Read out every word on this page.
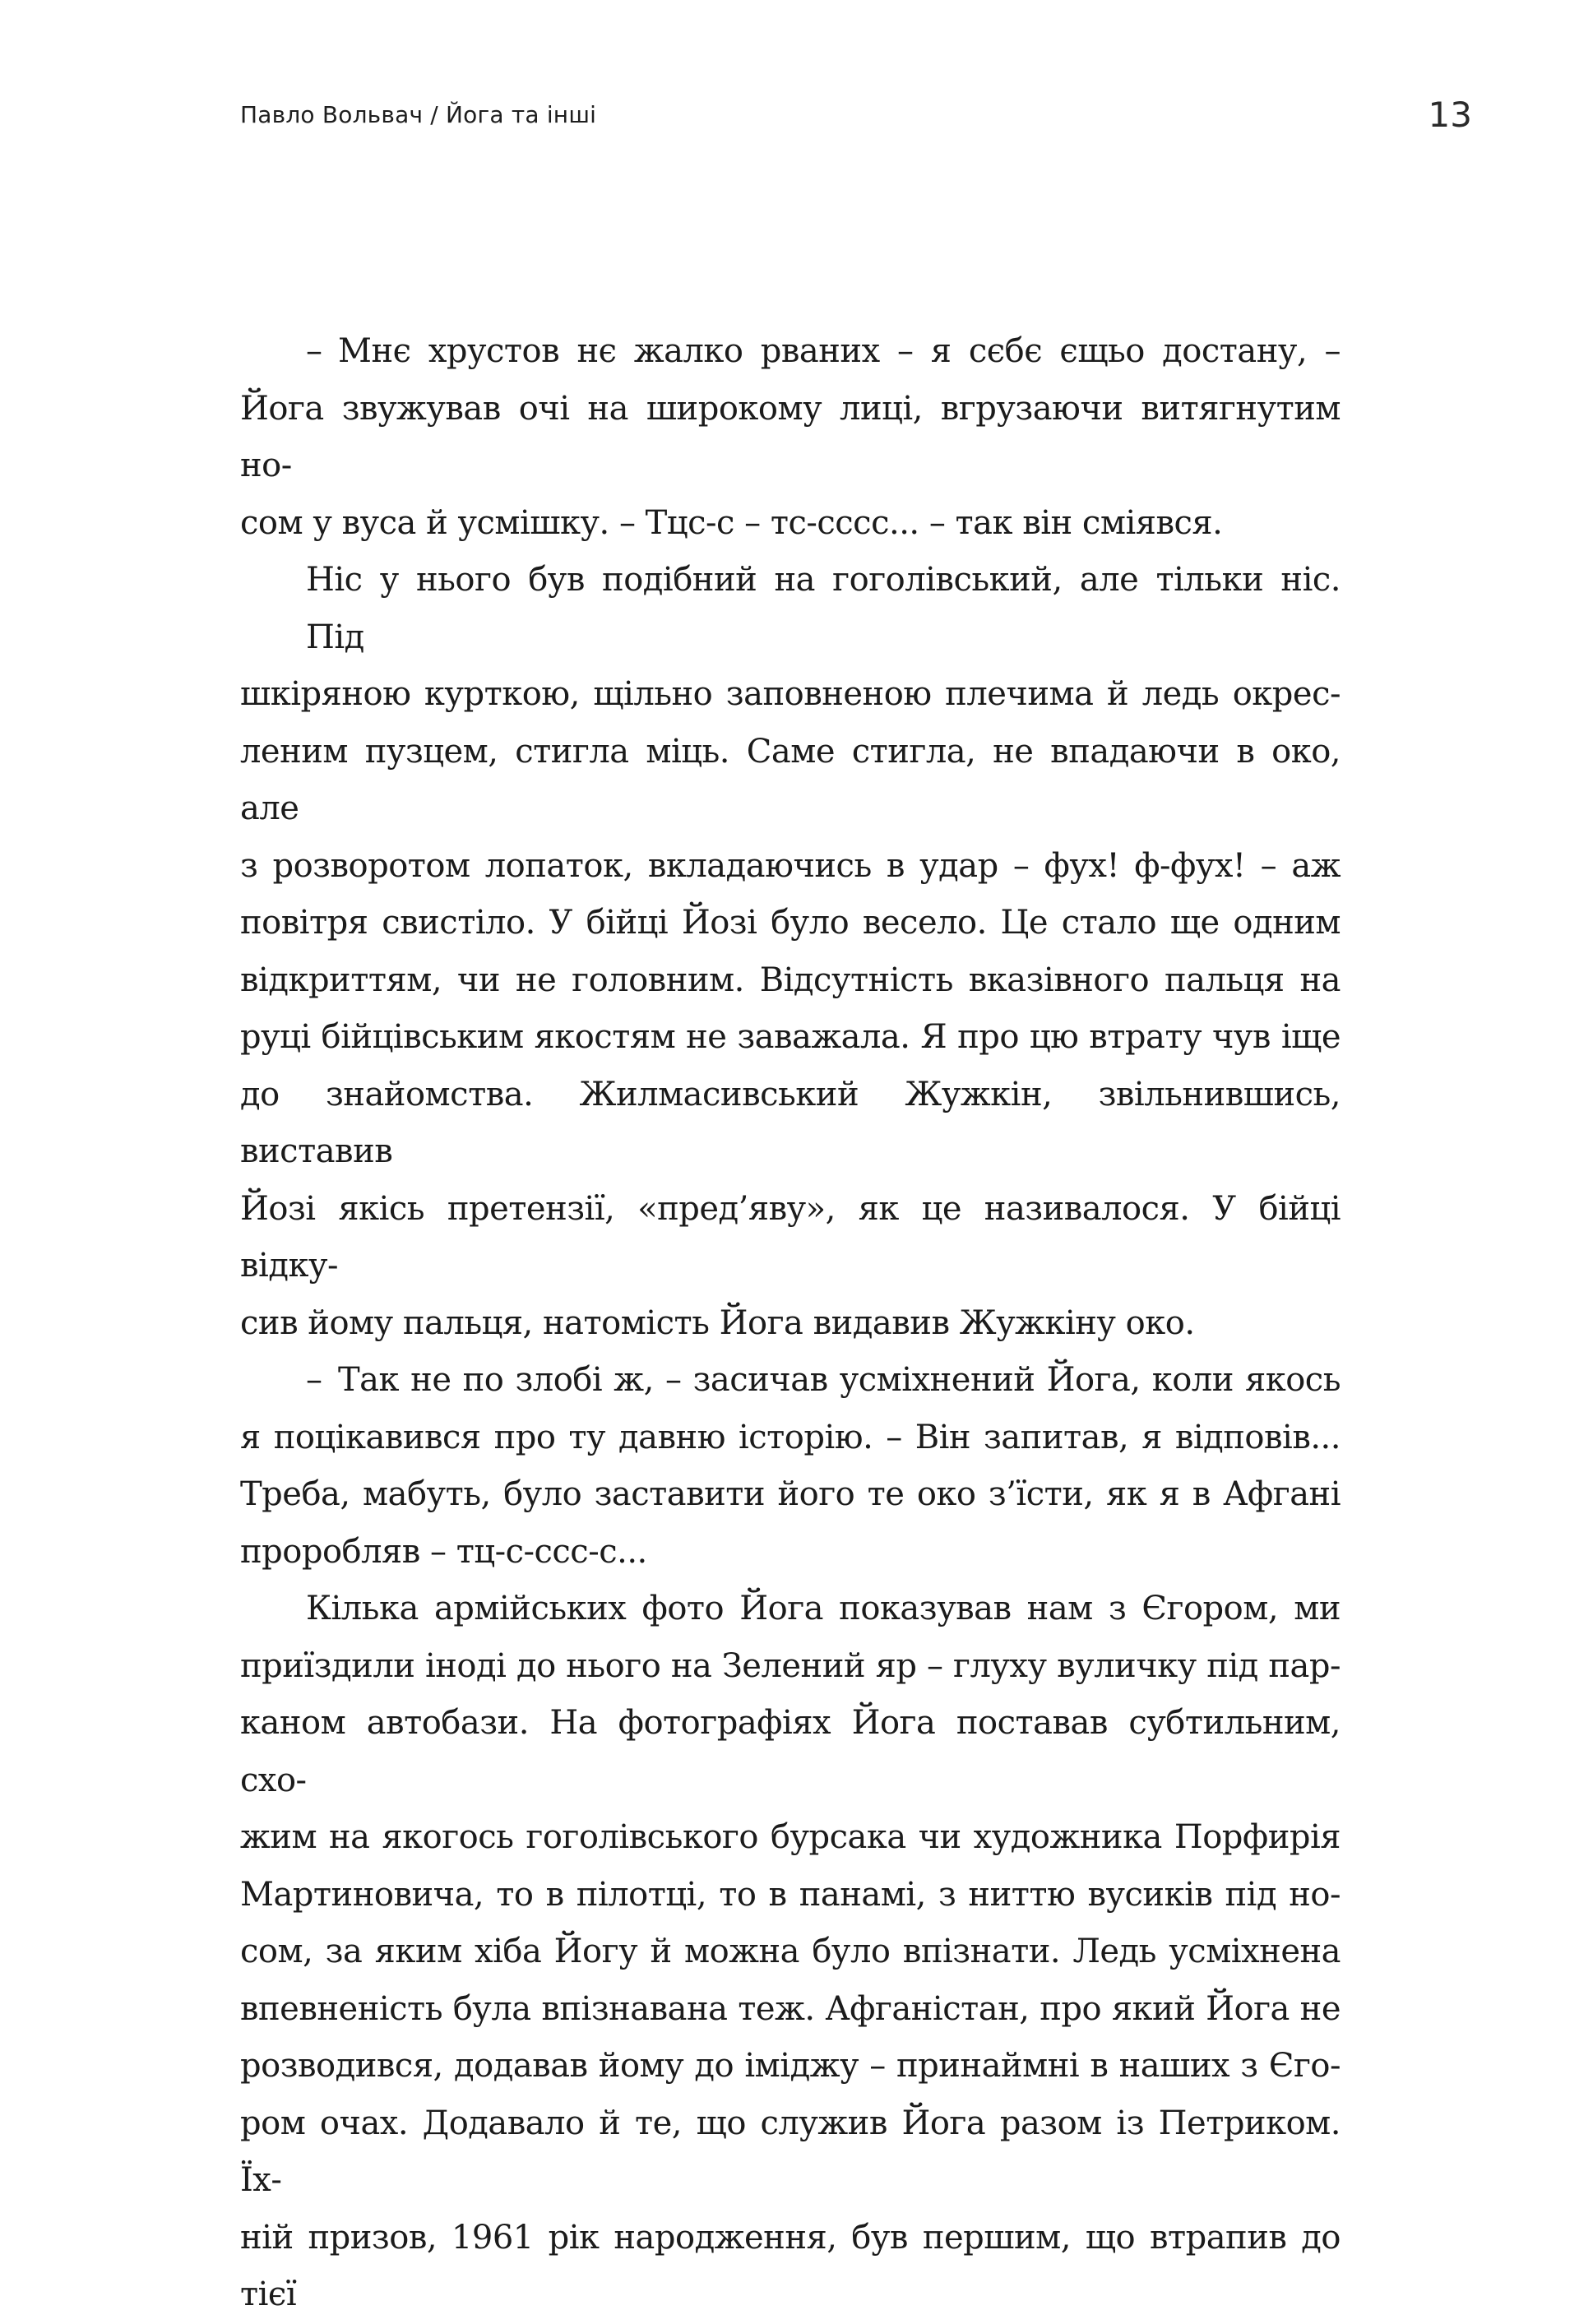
Павло Вольвач / Йога та інші	13
– Мнє хрустов нє жалко рваних – я сєбє єщьо достану, –
Йога звужував очі на широкому лиці, вгрузаючи витягнутим но-
сом у вуса й усмішку. – Тцс-с – тс-сссс... – так він сміявся.
Ніс у нього був подібний на гоголівський, але тільки ніс. Під
шкіряною курткою, щільно заповненою плечима й ледь окрес-
леним пузцем, стигла міць. Саме стигла, не впадаючи в око, але
з розворотом лопаток, вкладаючись в удар – фух! ф-фух! – аж
повітря свистіло. У бійці Йозі було весело. Це стало ще одним
відкриттям, чи не головним. Відсутність вказівного пальця на
руці бійцівським якостям не заважала. Я про цю втрату чув іще
до знайомства. Жилмасивський Жужкін, звільнившись, виставив
Йозі якісь претензії, «пред’яву», як це називалося. У бійці відку-
сив йому пальця, натомість Йога видавив Жужкіну око.
– Так не по злобі ж, – засичав усміхнений Йога, коли якось
я поцікавився про ту давню історію. – Він запитав, я відповів...
Треба, мабуть, було заставити його те око з’їсти, як я в Афгані
проробляв – тц-с-ссс-с...
Кілька армійських фото Йога показував нам з Єгором, ми
приїздили іноді до нього на Зелений яр – глуху вуличку під пар-
каном автобази. На фотографіях Йога поставав субтильним, схо-
жим на якогось гоголівського бурсака чи художника Порфирія
Мартиновича, то в пілотці, то в панамі, з ниттю вусиків під но-
сом, за яким хіба Йогу й можна було впізнати. Ледь усміхнена
впевненість була впізнавана теж. Афганістан, про який Йога не
розводився, додавав йому до іміджу – принаймні в наших з Єго-
ром очах. Додавало й те, що служив Йога разом із Петриком. Їх-
ній призов, 1961 рік народження, був першим, що втрапив до тієї
